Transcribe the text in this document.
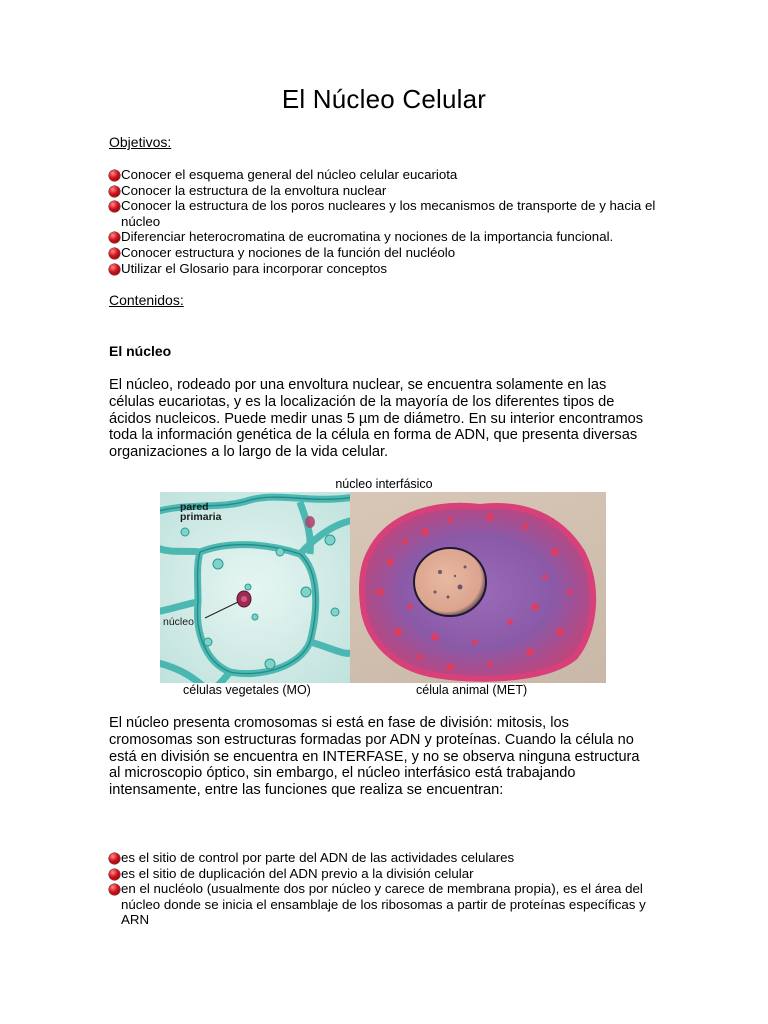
El Núcleo Celular

Objetivos:

Conocer el esquema general del núcleo celular eucariota
Conocer la estructura de la envoltura nuclear
Conocer la estructura de los poros nucleares y los mecanismos de transporte de y hacia el núcleo
Diferenciar heterocromatina de eucromatina y nociones de la importancia funcional.
Conocer estructura y nociones de la función del nucléolo
Utilizar el Glosario para incorporar conceptos

Contenidos:

El núcleo

El núcleo, rodeado por una envoltura nuclear, se encuentra solamente en las células eucariotas, y es la localización de la mayoría de los diferentes tipos de ácidos nucleicos. Puede medir unas 5 µm de diámetro. En su interior encontramos toda la información genética de la célula en forma de ADN, que presenta diversas organizaciones a lo largo de la vida celular.

núcleo interfásico
pared primaria
núcleo
células vegetales (MO)	célula animal (MET)

El núcleo presenta cromosomas si está en fase de división: mitosis, los cromosomas son estructuras formadas por ADN y proteínas. Cuando la célula no está en división se encuentra en INTERFASE, y no se observa ninguna estructura al microscopio óptico, sin embargo, el núcleo interfásico está trabajando intensamente, entre las funciones que realiza se encuentran:

es el sitio de control por parte del ADN de las actividades celulares
es el sitio de duplicación del ADN previo a la división celular
en el nucléolo (usualmente dos por núcleo y carece de membrana propia), es el área del núcleo donde se inicia el ensamblaje de los ribosomas a partir de proteínas específicas y ARN
